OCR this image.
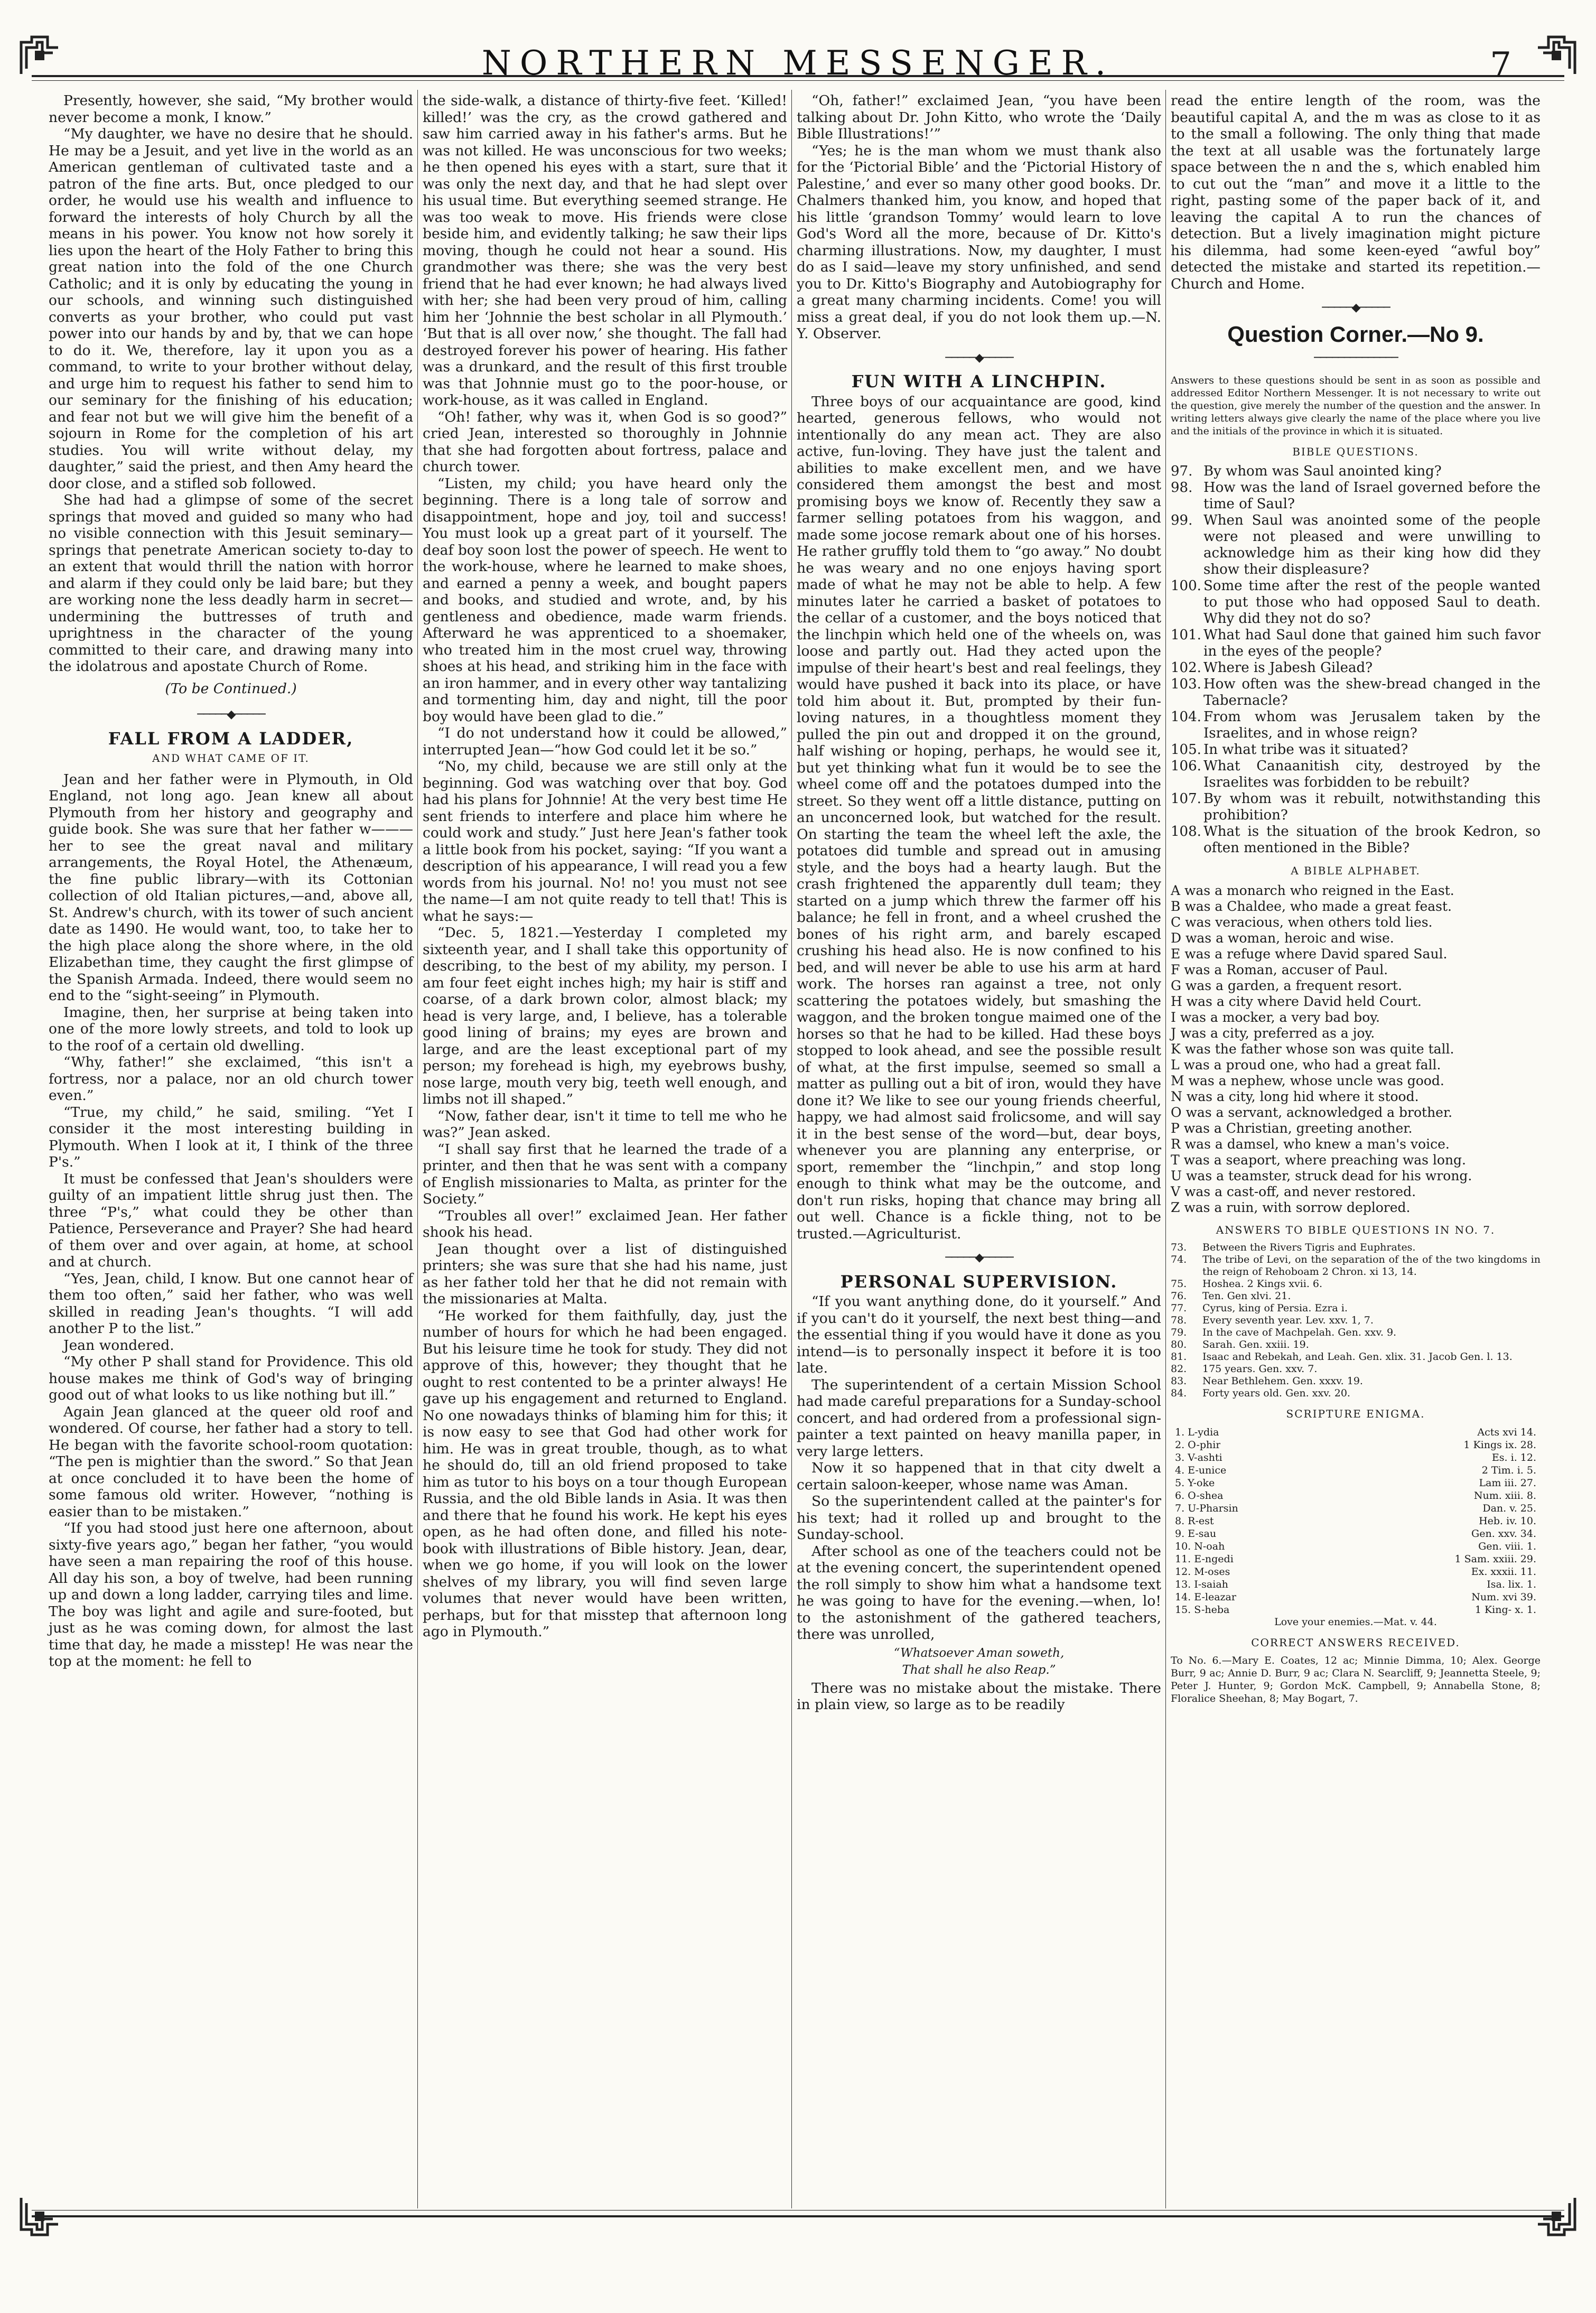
NORTHERN MESSENGER.	7

Presently, however, she said, “My brother would never become a monk, I know.”

“My daughter, we have no desire that he should. He may be a Jesuit, and yet live in the world as an American gentleman of cultivated taste and a patron of the fine arts. But, once pledged to our order, he would use his wealth and influence to forward the interests of holy Church by all the means in his power. You know not how sorely it lies upon the heart of the Holy Father to bring this great nation into the fold of the one Church Catholic; and it is only by educating the young in our schools, and winning such distinguished converts as your brother, who could put vast power into our hands by and by, that we can hope to do it. We, therefore, lay it upon you as a command, to write to your brother without delay, and urge him to request his father to send him to our seminary for the finishing of his education; and fear not but we will give him the benefit of a sojourn in Rome for the completion of his art studies. You will write without delay, my daughter,” said the priest, and then Amy heard the door close, and a stifled sob followed.

She had had a glimpse of some of the secret springs that moved and guided so many who had no visible connection with this Jesuit seminary—springs that penetrate American society to-day to an extent that would thrill the nation with horror and alarm if they could only be laid bare; but they are working none the less deadly harm in secret—undermining the buttresses of truth and uprightness in the character of the young committed to their care, and drawing many into the idolatrous and apostate Church of Rome.

(To be Continued.)

─────◆─────
FALL FROM A LADDER,
AND WHAT CAME OF IT.

Jean and her father were in Plymouth, in Old England, not long ago. Jean knew all about Plymouth from her history and geography and guide book. She was sure that her father w——— her to see the great naval and military arrangements, the Royal Hotel, the Athenæum, the fine public library—with its Cottonian collection of old Italian pictures,—and, above all, St. Andrew's church, with its tower of such ancient date as 1490. He would want, too, to take her to the high place along the shore where, in the old Elizabethan time, they caught the first glimpse of the Spanish Armada. Indeed, there would seem no end to the “sight-seeing” in Plymouth.

Imagine, then, her surprise at being taken into one of the more lowly streets, and told to look up to the roof of a certain old dwelling.

“Why, father!” she exclaimed, “this isn't a fortress, nor a palace, nor an old church tower even.”

“True, my child,” he said, smiling. “Yet I consider it the most interesting building in Plymouth. When I look at it, I think of the three P's.”

It must be confessed that Jean's shoulders were guilty of an impatient little shrug just then. The three “P's,” what could they be other than Patience, Perseverance and Prayer? She had heard of them over and over again, at home, at school and at church.

“Yes, Jean, child, I know. But one cannot hear of them too often,” said her father, who was well skilled in reading Jean's thoughts. “I will add another P to the list.”

Jean wondered.

“My other P shall stand for Providence. This old house makes me think of God's way of bringing good out of what looks to us like nothing but ill.”

Again Jean glanced at the queer old roof and wondered. Of course, her father had a story to tell. He began with the favorite school-room quotation: “The pen is mightier than the sword.” So that Jean at once concluded it to have been the home of some famous old writer. However, “nothing is easier than to be mistaken.”

“If you had stood just here one afternoon, about sixty-five years ago,” began her father, “you would have seen a man repairing the roof of this house. All day his son, a boy of twelve, had been running up and down a long ladder, carrying tiles and lime. The boy was light and agile and sure-footed, but just as he was coming down, for almost the last time that day, he made a misstep! He was near the top at the moment: he fell to

the side-walk, a distance of thirty-five feet. ‘Killed! killed!’ was the cry, as the crowd gathered and saw him carried away in his father's arms. But he was not killed. He was unconscious for two weeks; he then opened his eyes with a start, sure that it was only the next day, and that he had slept over his usual time. But everything seemed strange. He was too weak to move. His friends were close beside him, and evidently talking; he saw their lips moving, though he could not hear a sound. His grandmother was there; she was the very best friend that he had ever known; he had always lived with her; she had been very proud of him, calling him her ‘Johnnie the best scholar in all Plymouth.’ ‘But that is all over now,’ she thought. The fall had destroyed forever his power of hearing. His father was a drunkard, and the result of this first trouble was that Johnnie must go to the poor-house, or work-house, as it was called in England.

“Oh! father, why was it, when God is so good?” cried Jean, interested so thoroughly in Johnnie that she had forgotten about fortress, palace and church tower.

“Listen, my child; you have heard only the beginning. There is a long tale of sorrow and disappointment, hope and joy, toil and success! You must look up a great part of it yourself. The deaf boy soon lost the power of speech. He went to the work-house, where he learned to make shoes, and earned a penny a week, and bought papers and books, and studied and wrote, and, by his gentleness and obedience, made warm friends. Afterward he was apprenticed to a shoemaker, who treated him in the most cruel way, throwing shoes at his head, and striking him in the face with an iron hammer, and in every other way tantalizing and tormenting him, day and night, till the poor boy would have been glad to die.”

“I do not understand how it could be allowed,” interrupted Jean—“how God could let it be so.”

“No, my child, because we are still only at the beginning. God was watching over that boy. God had his plans for Johnnie! At the very best time He sent friends to interfere and place him where he could work and study.” Just here Jean's father took a little book from his pocket, saying: “If you want a description of his appearance, I will read you a few words from his journal. No! no! you must not see the name—I am not quite ready to tell that! This is what he says:—

“Dec. 5, 1821.—Yesterday I completed my sixteenth year, and I shall take this opportunity of describing, to the best of my ability, my person. I am four feet eight inches high; my hair is stiff and coarse, of a dark brown color, almost black; my head is very large, and, I believe, has a tolerable good lining of brains; my eyes are brown and large, and are the least exceptional part of my person; my forehead is high, my eyebrows bushy, nose large, mouth very big, teeth well enough, and limbs not ill shaped.”

“Now, father dear, isn't it time to tell me who he was?” Jean asked.

“I shall say first that he learned the trade of a printer, and then that he was sent with a company of English missionaries to Malta, as printer for the Society.”

“Troubles all over!” exclaimed Jean. Her father shook his head.

Jean thought over a list of distinguished printers; she was sure that she had his name, just as her father told her that he did not remain with the missionaries at Malta.

“He worked for them faithfully, day, just the number of hours for which he had been engaged. But his leisure time he took for study. They did not approve of this, however; they thought that he ought to rest contented to be a printer always! He gave up his engagement and returned to England. No one nowadays thinks of blaming him for this; it is now easy to see that God had other work for him. He was in great trouble, though, as to what he should do, till an old friend proposed to take him as tutor to his boys on a tour though European Russia, and the old Bible lands in Asia. It was then and there that he found his work. He kept his eyes open, as he had often done, and filled his note-book with illustrations of Bible history. Jean, dear, when we go home, if you will look on the lower shelves of my library, you will find seven large volumes that never would have been written, perhaps, but for that misstep that afternoon long ago in Plymouth.”

“Oh, father!” exclaimed Jean, “you have been talking about Dr. John Kitto, who wrote the ‘Daily Bible Illustrations!’”

“Yes; he is the man whom we must thank also for the ‘Pictorial Bible’ and the ‘Pictorial History of Palestine,’ and ever so many other good books. Dr. Chalmers thanked him, you know, and hoped that his little ‘grandson Tommy’ would learn to love God's Word all the more, because of Dr. Kitto's charming illustrations. Now, my daughter, I must do as I said—leave my story unfinished, and send you to Dr. Kitto's Biography and Autobiography for a great many charming incidents. Come! you will miss a great deal, if you do not look them up.—N. Y. Observer.

─────◆─────
FUN WITH A LINCHPIN.

Three boys of our acquaintance are good, kind hearted, generous fellows, who would not intentionally do any mean act. They are also active, fun-loving. They have just the talent and abilities to make excellent men, and we have considered them amongst the best and most promising boys we know of. Recently they saw a farmer selling potatoes from his waggon, and made some jocose remark about one of his horses. He rather gruffly told them to “go away.” No doubt he was weary and no one enjoys having sport made of what he may not be able to help. A few minutes later he carried a basket of potatoes to the cellar of a customer, and the boys noticed that the linchpin which held one of the wheels on, was loose and partly out. Had they acted upon the impulse of their heart's best and real feelings, they would have pushed it back into its place, or have told him about it. But, prompted by their fun-loving natures, in a thoughtless moment they pulled the pin out and dropped it on the ground, half wishing or hoping, perhaps, he would see it, but yet thinking what fun it would be to see the wheel come off and the potatoes dumped into the street. So they went off a little distance, putting on an unconcerned look, but watched for the result. On starting the team the wheel left the axle, the potatoes did tumble and spread out in amusing style, and the boys had a hearty laugh. But the crash frightened the apparently dull team; they started on a jump which threw the farmer off his balance; he fell in front, and a wheel crushed the bones of his right arm, and barely escaped crushing his head also. He is now confined to his bed, and will never be able to use his arm at hard work. The horses ran against a tree, not only scattering the potatoes widely, but smashing the waggon, and the broken tongue maimed one of the horses so that he had to be killed. Had these boys stopped to look ahead, and see the possible result of what, at the first impulse, seemed so small a matter as pulling out a bit of iron, would they have done it? We like to see our young friends cheerful, happy, we had almost said frolicsome, and will say it in the best sense of the word—but, dear boys, whenever you are planning any enterprise, or sport, remember the “linchpin,” and stop long enough to think what may be the outcome, and don't run risks, hoping that chance may bring all out well. Chance is a fickle thing, not to be trusted.—Agriculturist.

─────◆─────
PERSONAL SUPERVISION.

“If you want anything done, do it yourself.” And if you can't do it yourself, the next best thing—and the essential thing if you would have it done as you intend—is to personally inspect it before it is too late.

The superintendent of a certain Mission School had made careful preparations for a Sunday-school concert, and had ordered from a professional sign-painter a text painted on heavy manilla paper, in very large letters.

Now it so happened that in that city dwelt a certain saloon-keeper, whose name was Aman.

So the superintendent called at the painter's for his text; had it rolled up and brought to the Sunday-school.

After school as one of the teachers could not be at the evening concert, the superintendent opened the roll simply to show him what a handsome text he was going to have for the evening.—when, lo! to the astonishment of the gathered teachers, there was unrolled,

“Whatsoever Aman soweth,
That shall he also Reap.”

There was no mistake about the mistake. There in plain view, so large as to be readily

read the entire length of the room, was the beautiful capital A, and the m was as close to it as to the small a following. The only thing that made the text at all usable was the fortunately large space between the n and the s, which enabled him to cut out the “man” and move it a little to the right, pasting some of the paper back of it, and leaving the capital A to run the chances of detection. But a lively imagination might picture his dilemma, had some keen-eyed “awful boy” detected the mistake and started its repetition.—Church and Home.

─────◆─────
Question Corner.—No 9.
──────────────

Answers to these questions should be sent in as soon as possible and addressed Editor Northern Messenger. It is not necessary to write out the question, give merely the number of the question and the answer. In writing letters always give clearly the name of the place where you live and the initials of the province in which it is situated.

BIBLE QUESTIONS.
97. By whom was Saul anointed king?
98. How was the land of Israel governed before the time of Saul?
99. When Saul was anointed some of the people were not pleased and were unwilling to acknowledge him as their king how did they show their displeasure?
100. Some time after the rest of the people wanted to put those who had opposed Saul to death. Why did they not do so?
101. What had Saul done that gained him such favor in the eyes of the people?
102. Where is Jabesh Gilead?
103. How often was the shew-bread changed in the Tabernacle?
104. From whom was Jerusalem taken by the Israelites, and in whose reign?
105. In what tribe was it situated?
106. What Canaanitish city, destroyed by the Israelites was forbidden to be rebuilt?
107. By whom was it rebuilt, notwithstanding this prohibition?
108. What is the situation of the brook Kedron, so often mentioned in the Bible?
A BIBLE ALPHABET.
A was a monarch who reigned in the East.
B was a Chaldee, who made a great feast.
C was veracious, when others told lies.
D was a woman, heroic and wise.
E was a refuge where David spared Saul.
F was a Roman, accuser of Paul.
G was a garden, a frequent resort.
H was a city where David held Court.
I was a mocker, a very bad boy.
J was a city, preferred as a joy.
K was the father whose son was quite tall.
L was a proud one, who had a great fall.
M was a nephew, whose uncle was good.
N was a city, long hid where it stood.
O was a servant, acknowledged a brother.
P was a Christian, greeting another.
R was a damsel, who knew a man's voice.
T was a seaport, where preaching was long.
U was a teamster, struck dead for his wrong.
V was a cast-off, and never restored.
Z was a ruin, with sorrow deplored.
ANSWERS TO BIBLE QUESTIONS IN NO. 7.
73.	Between the Rivers Tigris and Euphrates.
74.	The tribe of Levi, on the separation of the of the two kingdoms in the reign of Rehoboam 2 Chron. xi 13, 14.
75.	Hoshea. 2 Kings xvii. 6.
76.	Ten. Gen xlvi. 21.
77.	Cyrus, king of Persia. Ezra i.
78.	Every seventh year. Lev. xxv. 1, 7.
79.	In the cave of Machpelah. Gen. xxv. 9.
80.	Sarah. Gen. xxiii. 19.
81.	Isaac and Rebekah, and Leah. Gen. xlix. 31. Jacob Gen. l. 13.
82.	175 years. Gen. xxv. 7.
83.	Near Bethlehem. Gen. xxxv. 19.
84.	Forty years old. Gen. xxv. 20.
SCRIPTURE ENIGMA.
1. L-ydia	Acts xvi 14.
2. O-phir	1 Kings ix. 28.
3. V-ashti	Es. i. 12.
4. E-unice	2 Tim. i. 5.
5. Y-oke	Lam iii. 27.
6. O-shea	Num. xiii. 8.
7. U-Pharsin	Dan. v. 25.
8. R-est	Heb. iv. 10.
9. E-sau	Gen. xxv. 34.
10. N-oah	Gen. viii. 1.
11. E-ngedi	1 Sam. xxiii. 29.
12. M-oses	Ex. xxxii. 11.
13. I-saiah	Isa. lix. 1.
14. E-leazar	Num. xvi 39.
15. S-heba	1 King- x. 1.
Love your enemies.—Mat. v. 44.
CORRECT ANSWERS RECEIVED.

To No. 6.—Mary E. Coates, 12 ac; Minnie Dimma, 10; Alex. George Burr, 9 ac; Annie D. Burr, 9 ac; Clara N. Searcliff, 9; Jeannetta Steele, 9; Peter J. Hunter, 9; Gordon McK. Campbell, 9; Annabella Stone, 8; Floralice Sheehan, 8; May Bogart, 7.
